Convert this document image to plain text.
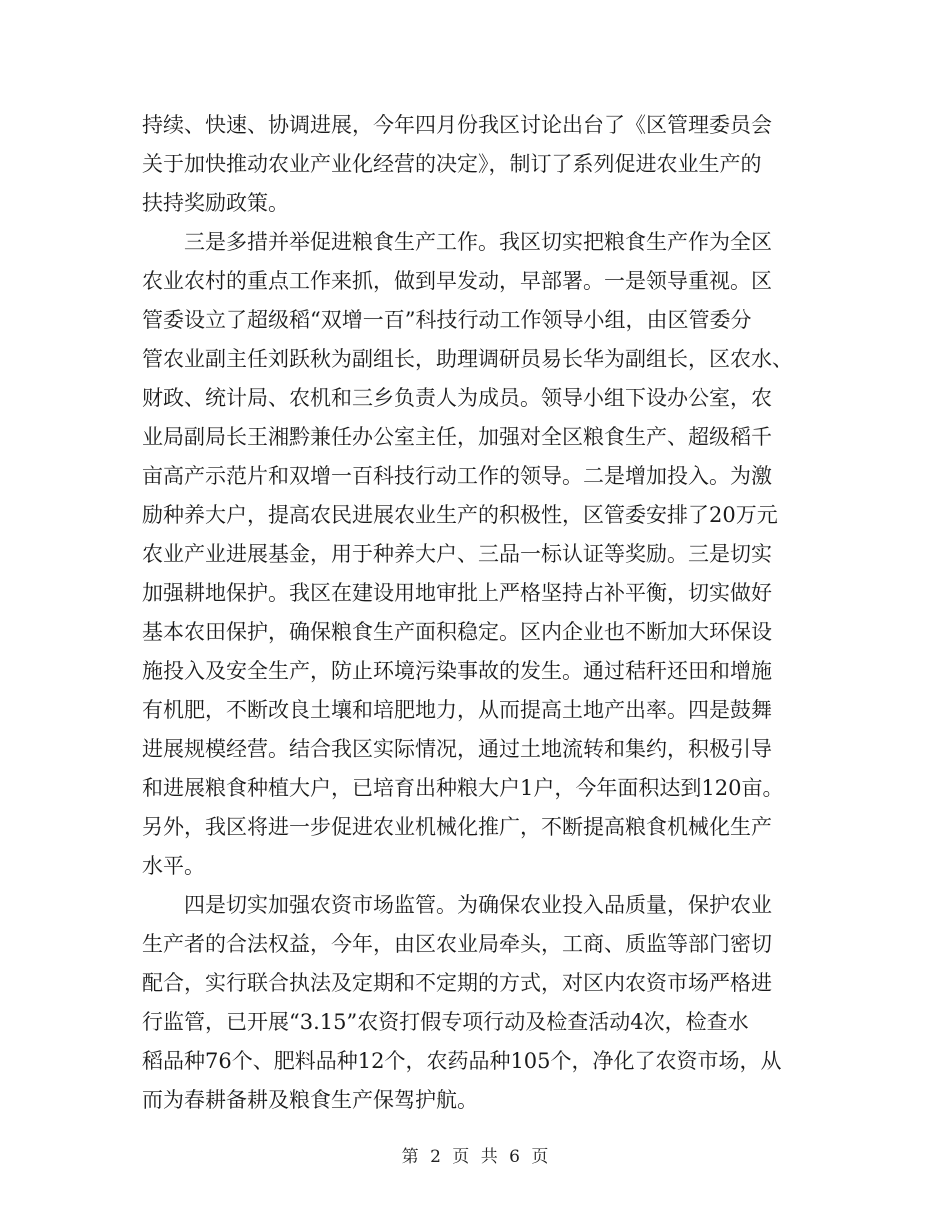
持续、快速、协调进展，今年四月份我区讨论出台了《区管理委员会
关于加快推动农业产业化经营的决定》，制订了系列促进农业生产的
扶持奖励政策。
三是多措并举促进粮食生产工作。我区切实把粮食生产作为全区
农业农村的重点工作来抓，做到早发动，早部署。一是领导重视。区
管委设立了超级稻“双增一百”科技行动工作领导小组，由区管委分
管农业副主任刘跃秋为副组长，助理调研员易长华为副组长，区农水、
财政、统计局、农机和三乡负责人为成员。领导小组下设办公室，农
业局副局长王湘黔兼任办公室主任，加强对全区粮食生产、超级稻千
亩高产示范片和双增一百科技行动工作的领导。二是增加投入。为激
励种养大户，提高农民进展农业生产的积极性，区管委安排了20万元
农业产业进展基金，用于种养大户、三品一标认证等奖励。三是切实
加强耕地保护。我区在建设用地审批上严格坚持占补平衡，切实做好
基本农田保护，确保粮食生产面积稳定。区内企业也不断加大环保设
施投入及安全生产，防止环境污染事故的发生。通过秸秆还田和增施
有机肥，不断改良土壤和培肥地力，从而提高土地产出率。四是鼓舞
进展规模经营。结合我区实际情况，通过土地流转和集约，积极引导
和进展粮食种植大户，已培育出种粮大户1户，今年面积达到120亩。
另外，我区将进一步促进农业机械化推广，不断提高粮食机械化生产
水平。
四是切实加强农资市场监管。为确保农业投入品质量，保护农业
生产者的合法权益，今年，由区农业局牵头，工商、质监等部门密切
配合，实行联合执法及定期和不定期的方式，对区内农资市场严格进
行监管，已开展“3.15”农资打假专项行动及检查活动4次，检查水
稻品种76个、肥料品种12个，农药品种105个，净化了农资市场，从
而为春耕备耕及粮食生产保驾护航。
第 2 页 共 6 页
